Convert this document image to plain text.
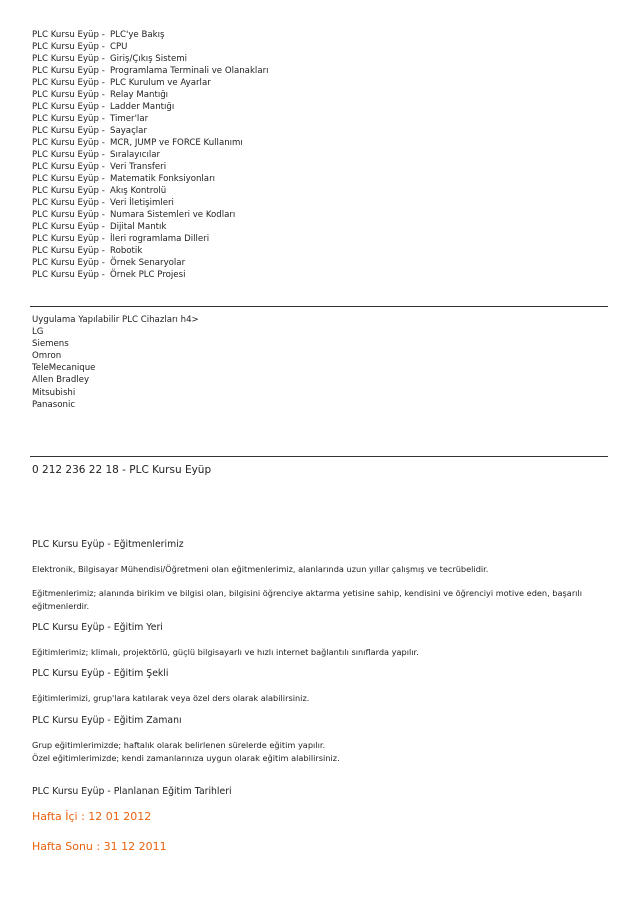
PLC Kursu Eyüp - PLC'ye Bakış
PLC Kursu Eyüp - CPU
PLC Kursu Eyüp - Giriş/Çıkış Sistemi
PLC Kursu Eyüp - Programlama Terminali ve Olanakları
PLC Kursu Eyüp - PLC Kurulum ve Ayarlar
PLC Kursu Eyüp - Relay Mantığı
PLC Kursu Eyüp - Ladder Mantığı
PLC Kursu Eyüp - Timer'lar
PLC Kursu Eyüp - Sayaçlar
PLC Kursu Eyüp - MCR, JUMP ve FORCE Kullanımı
PLC Kursu Eyüp - Sıralayıcılar
PLC Kursu Eyüp - Veri Transferi
PLC Kursu Eyüp - Matematik Fonksiyonları
PLC Kursu Eyüp - Akış Kontrolü
PLC Kursu Eyüp - Veri İletişimleri
PLC Kursu Eyüp - Numara Sistemleri ve Kodları
PLC Kursu Eyüp - Dijital Mantık
PLC Kursu Eyüp - İleri rogramlama Dilleri
PLC Kursu Eyüp - Robotik
PLC Kursu Eyüp - Örnek Senaryolar
PLC Kursu Eyüp - Örnek PLC Projesi
Uygulama Yapılabilir PLC Cihazları h4>
LG
Siemens
Omron
TeleMecanique
Allen Bradley
Mitsubishi
Panasonic
0 212 236 22 18 - PLC Kursu Eyüp
PLC Kursu Eyüp - Eğitmenlerimiz
Elektronik, Bilgisayar Mühendisi/Öğretmeni olan eğitmenlerimiz, alanlarında uzun yıllar çalışmış ve tecrübelidir.
Eğitmenlerimiz; alanında birikim ve bilgisi olan, bilgisini öğrenciye aktarma yetisine sahip, kendisini ve öğrenciyi motive eden, başarılı eğitmenlerdir.
PLC Kursu Eyüp - Eğitim Yeri
Eğitimlerimiz; klimalı, projektörlü, güçlü bilgisayarlı ve hızlı internet bağlantılı sınıflarda yapılır.
PLC Kursu Eyüp - Eğitim Şekli
Eğitimlerimizi, grup'lara katılarak veya özel ders olarak alabilirsiniz.
PLC Kursu Eyüp - Eğitim Zamanı
Grup eğitimlerimizde; haftalık olarak belirlenen sürelerde eğitim yapılır.
Özel eğitimlerimizde; kendi zamanlarınıza uygun olarak eğitim alabilirsiniz.
PLC Kursu Eyüp - Planlanan Eğitim Tarihleri
Hafta İçi : 12 01 2012
Hafta Sonu : 31 12 2011
